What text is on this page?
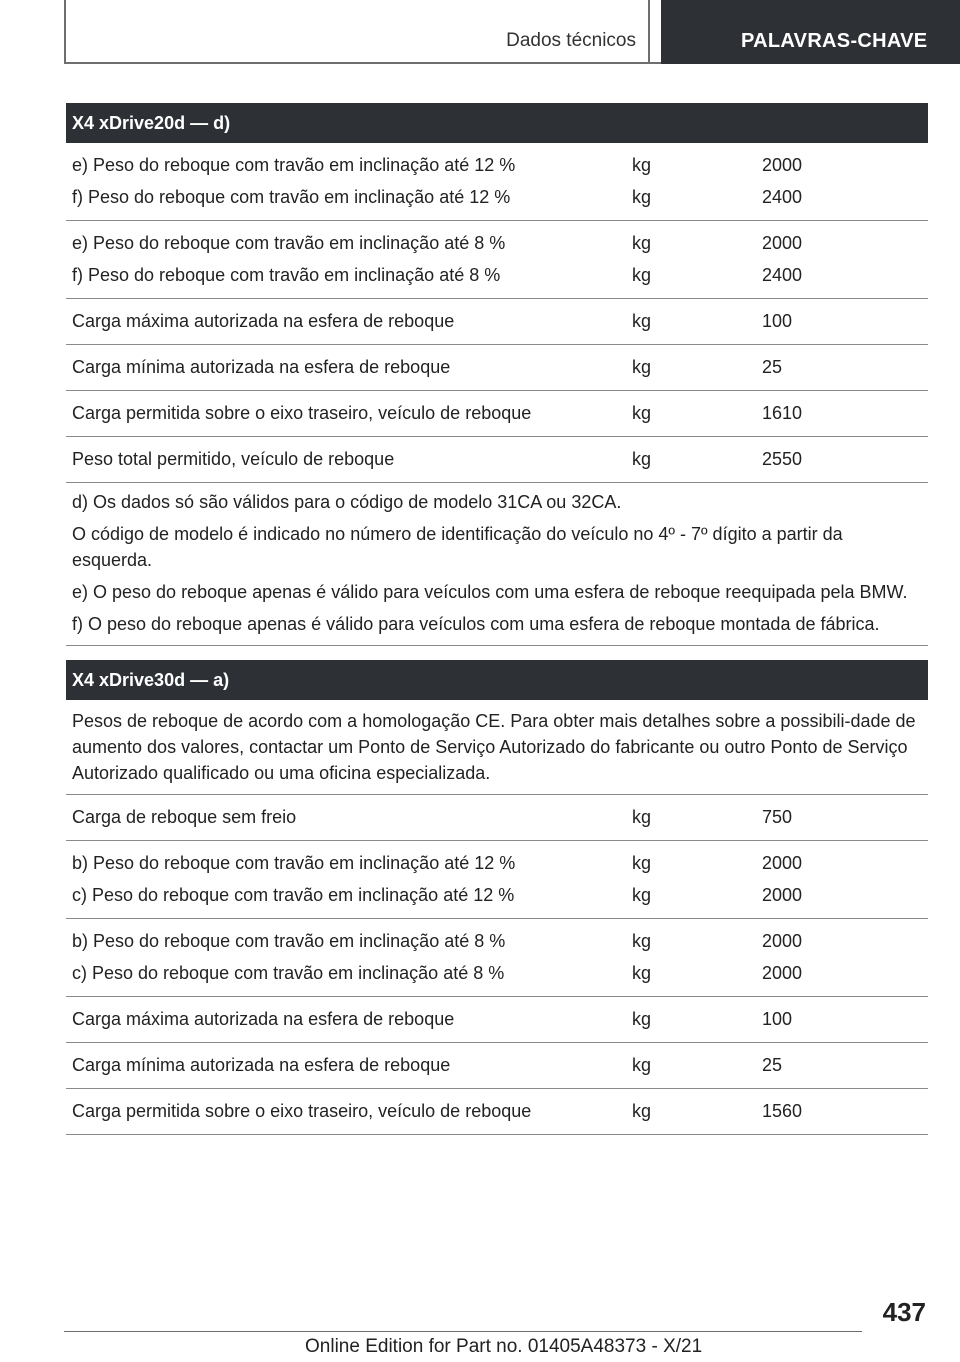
Dados técnicos	PALAVRAS-CHAVE
X4 xDrive20d — d)
e) Peso do reboque com travão em inclinação até 12 %	kg	2000
f) Peso do reboque com travão em inclinação até 12 %	kg	2400
e) Peso do reboque com travão em inclinação até 8 %	kg	2000
f) Peso do reboque com travão em inclinação até 8 %	kg	2400
Carga máxima autorizada na esfera de reboque	kg	100
Carga mínima autorizada na esfera de reboque	kg	25
Carga permitida sobre o eixo traseiro, veículo de reboque	kg	1610
Peso total permitido, veículo de reboque	kg	2550

d) Os dados só são válidos para o código de modelo 31CA ou 32CA.

O código de modelo é indicado no número de identificação do veículo no 4º - 7º dígito a partir da esquerda.

e) O peso do reboque apenas é válido para veículos com uma esfera de reboque reequipada pela BMW.

f) O peso do reboque apenas é válido para veículos com uma esfera de reboque montada de fábrica.

X4 xDrive30d — a)
Pesos de reboque de acordo com a homologação CE. Para obter mais detalhes sobre a possibili-dade de aumento dos valores, contactar um Ponto de Serviço Autorizado do fabricante ou outro Ponto de Serviço Autorizado qualificado ou uma oficina especializada.
Carga de reboque sem freio	kg	750
b) Peso do reboque com travão em inclinação até 12 %	kg	2000
c) Peso do reboque com travão em inclinação até 12 %	kg	2000
b) Peso do reboque com travão em inclinação até 8 %	kg	2000
c) Peso do reboque com travão em inclinação até 8 %	kg	2000
Carga máxima autorizada na esfera de reboque	kg	100
Carga mínima autorizada na esfera de reboque	kg	25
Carga permitida sobre o eixo traseiro, veículo de reboque	kg	1560
437
Online Edition for Part no. 01405A48373 - X/21
